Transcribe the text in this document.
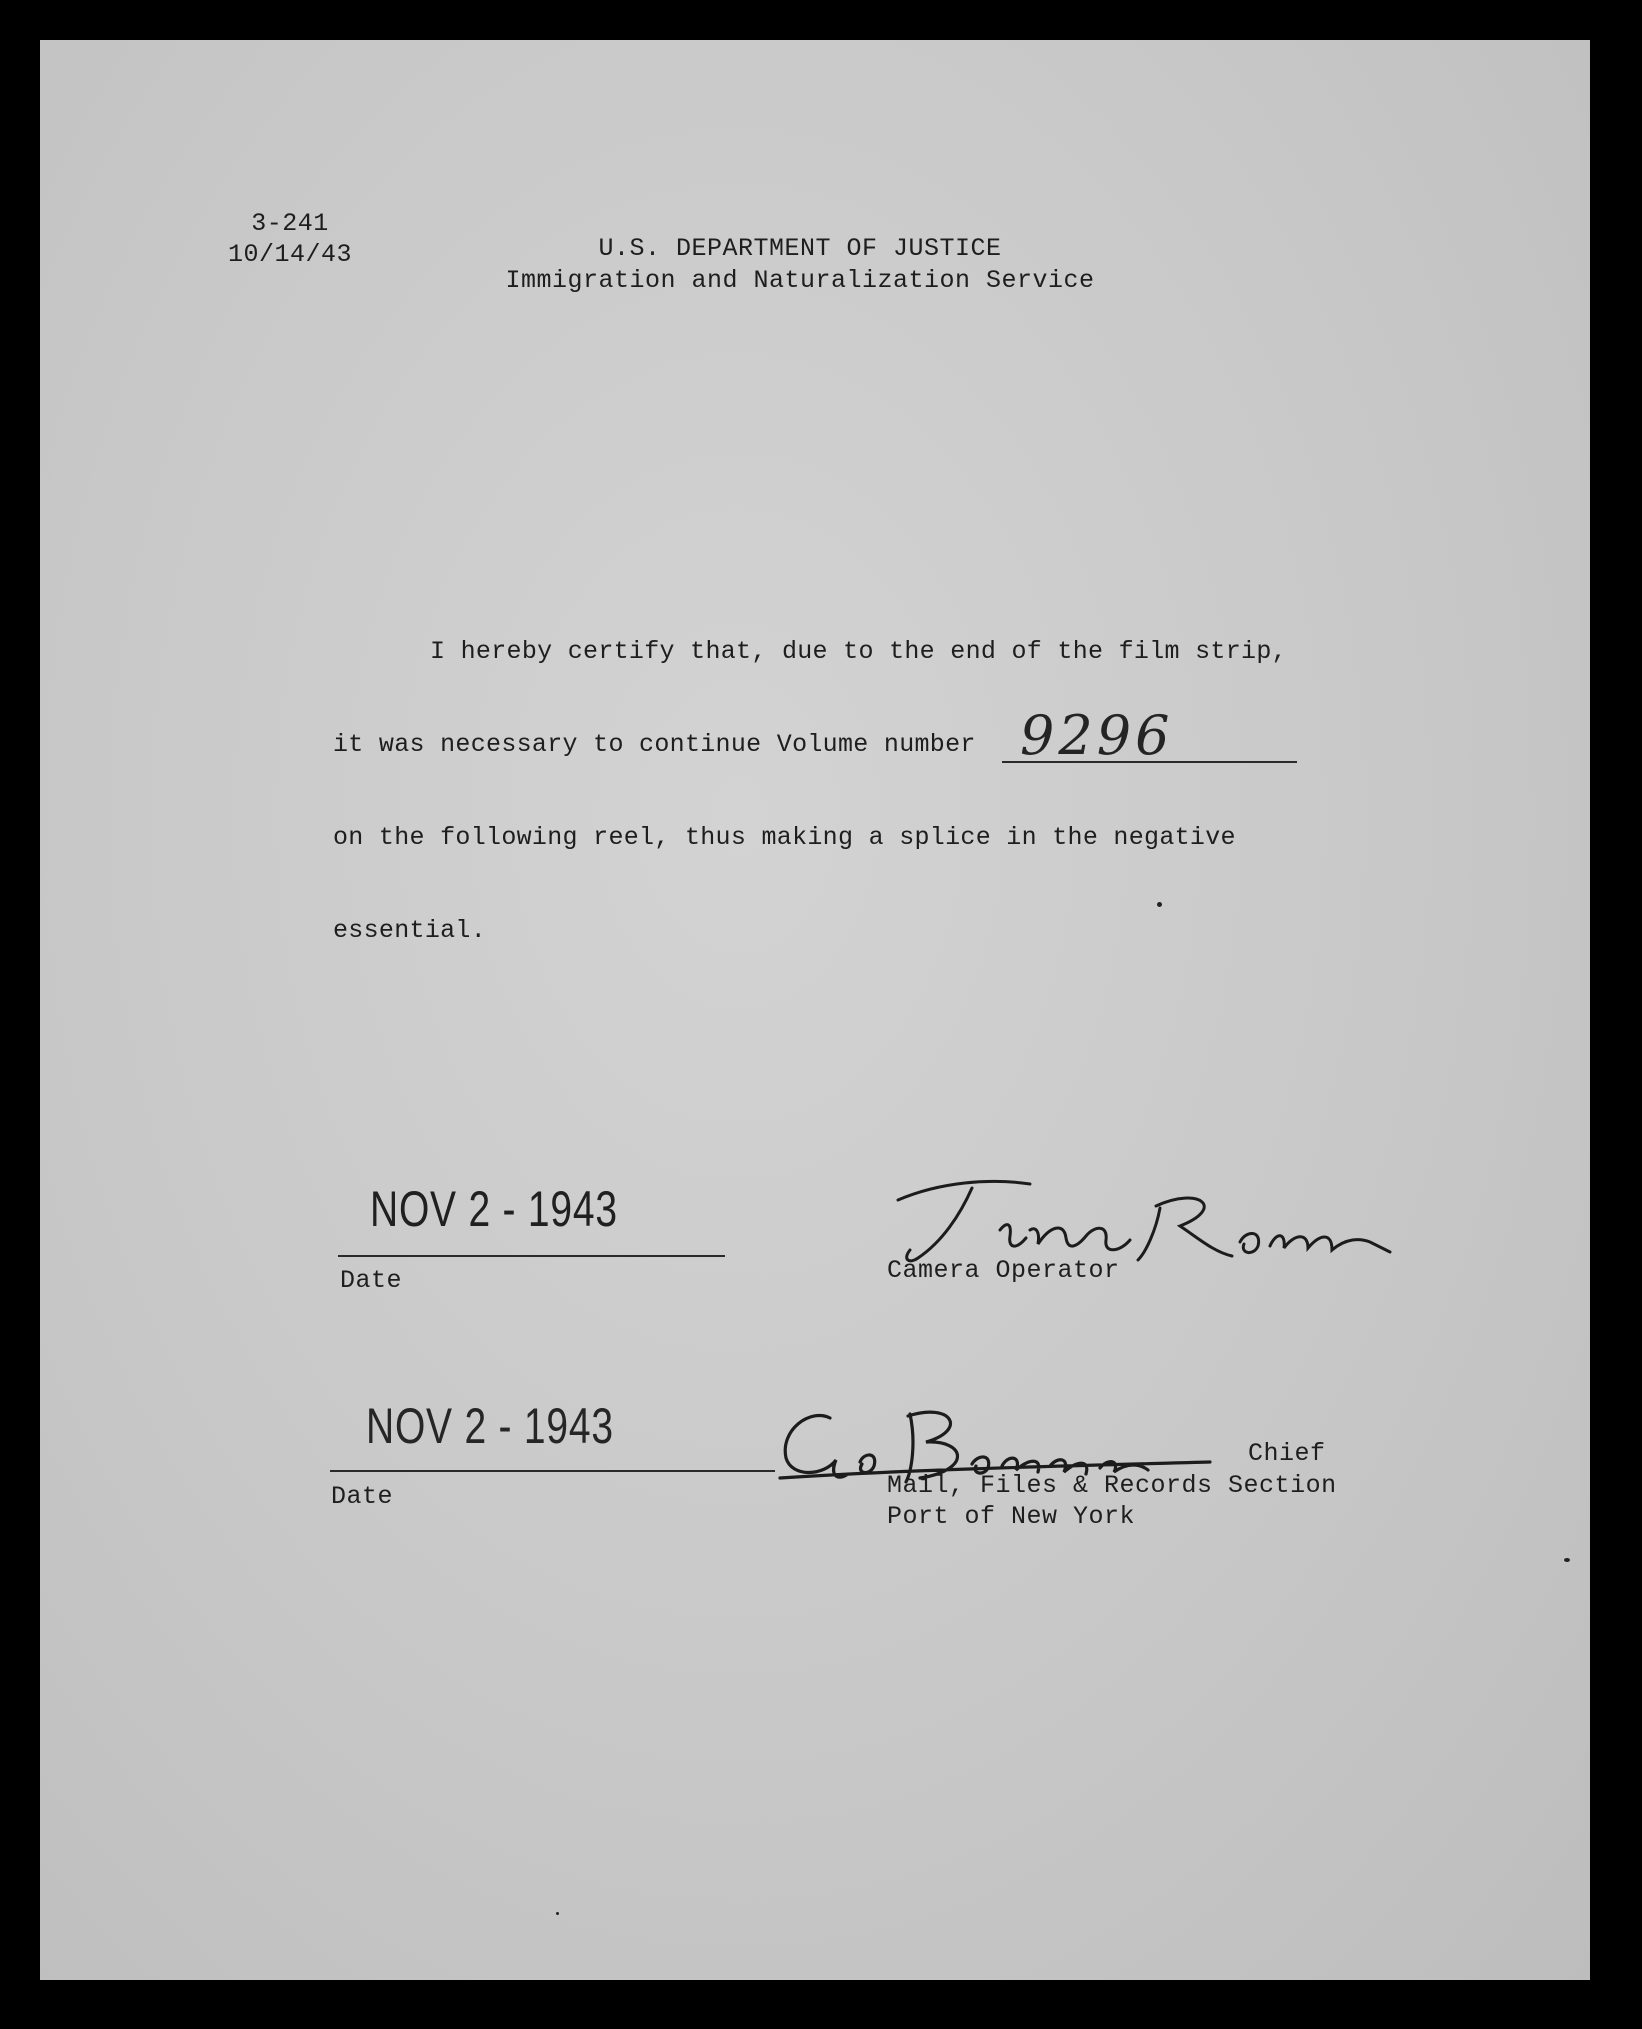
3-241
10/14/43	U.S. DEPARTMENT OF JUSTICE
Immigration and Naturalization Service
I hereby certify that, due to the end of the film strip,
it was necessary to continue Volume number 9296
on the following reel, thus making a splice in the negative
essential.
NOV 2 - 1943
Date	Camera Operator
NOV 2 - 1943
Date
Chief
Mail, Files & Records Section
Port of New York
